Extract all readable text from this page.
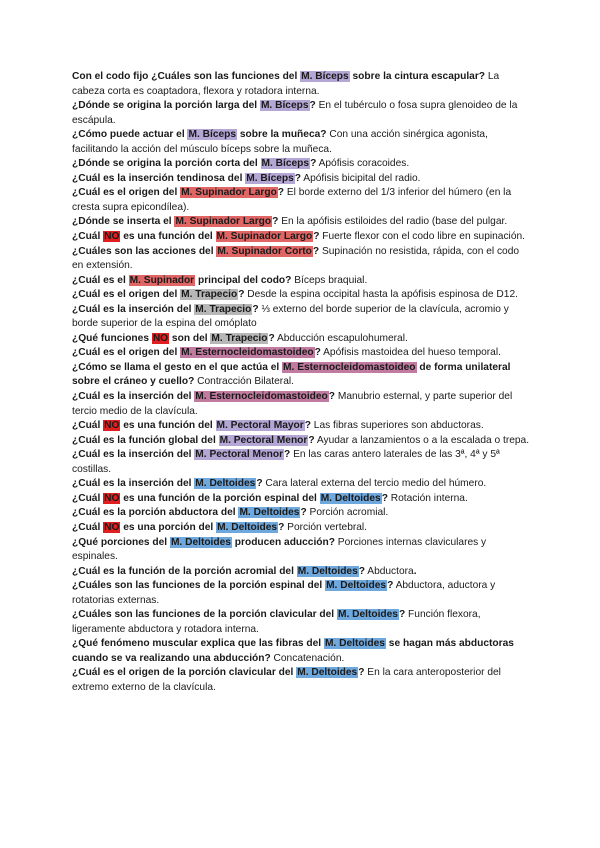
Con el codo fijo ¿Cuáles son las funciones del M. Bíceps sobre la cintura escapular? La cabeza corta es coaptadora, flexora y rotadora interna.

¿Dónde se origina la porción larga del M. Bíceps? En el tubérculo o fosa supra glenoideo de la escápula.

¿Cómo puede actuar el M. Bíceps sobre la muñeca? Con una acción sinérgica agonista, facilitando la acción del músculo bíceps sobre la muñeca.

¿Dónde se origina la porción corta del M. Bíceps? Apófisis coracoides.

¿Cuál es la inserción tendinosa del M. Bíceps? Apófisis bicipital del radio.

¿Cuál es el origen del M. Supinador Largo? El borde externo del 1/3 inferior del húmero (en la cresta supra epicondílea).

¿Dónde se inserta el M. Supinador Largo? En la apófisis estiloides del radio (base del pulgar.

¿Cuál NO es una función del M. Supinador Largo? Fuerte flexor con el codo libre en supinación.

¿Cuáles son las acciones del M. Supinador Corto? Supinación no resistida, rápida, con el codo en extensión.

¿Cuál es el M. Supinador principal del codo? Bíceps braquial.

¿Cuál es el origen del M. Trapecio? Desde la espina occipital hasta la apófisis espinosa de D12.

¿Cuál es la inserción del M. Trapecio? ⅓ externo del borde superior de la clavícula, acromio y borde superior de la espina del omóplato

¿Qué funciones NO son del M. Trapecio? Abducción escapulohumeral.

¿Cuál es el origen del M. Esternocleidomastoideo? Apófisis mastoidea del hueso temporal.

¿Cómo se llama el gesto en el que actúa el M. Esternocleidomastoideo de forma unilateral sobre el cráneo y cuello? Contracción Bilateral.

¿Cuál es la inserción del M. Esternocleidomastoideo? Manubrio esternal, y parte superior del tercio medio de la clavícula.

¿Cuál NO es una función del M. Pectoral Mayor? Las fibras superiores son abductoras.

¿Cuál es la función global del M. Pectoral Menor? Ayudar a lanzamientos o a la escalada o trepa.

¿Cuál es la inserción del M. Pectoral Menor? En las caras antero laterales de las 3ª, 4ª y 5ª costillas.

¿Cuál es la inserción del M. Deltoides? Cara lateral externa del tercio medio del húmero.

¿Cuál NO es una función de la porción espinal del M. Deltoides? Rotación interna.

¿Cuál es la porción abductora del M. Deltoides? Porción acromial.

¿Cuál NO es una porción del M. Deltoides? Porción vertebral.

¿Qué porciones del M. Deltoides producen aducción? Porciones internas claviculares y espinales.

¿Cuál es la función de la porción acromial del M. Deltoides? Abductora.

¿Cuáles son las funciones de la porción espinal del M. Deltoides? Abductora, aductora y rotatorias externas.

¿Cuáles son las funciones de la porción clavicular del M. Deltoides? Función flexora, ligeramente abductora y rotadora interna.

¿Qué fenómeno muscular explica que las fibras del M. Deltoides se hagan más abductoras cuando se va realizando una abducción? Concatenación.

¿Cuál es el origen de la porción clavicular del M. Deltoides? En la cara anteroposterior del extremo externo de la clavícula.
